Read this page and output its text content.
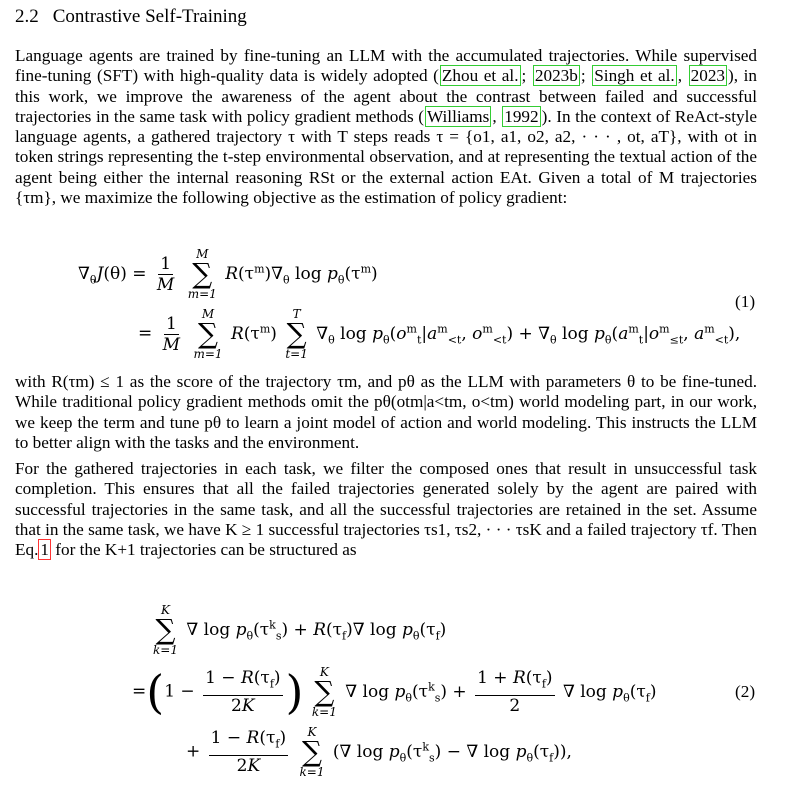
2.2 Contrastive Self-Training

Language agents are trained by fine-tuning an LLM with the accumulated trajectories. While supervised fine-tuning (SFT) with high-quality data is widely adopted ( Zhou et al. ; 2023b ; Singh et al. , 2023 ), in this work, we improve the awareness of the agent about the contrast between failed and successful trajectories in the same task with policy gradient methods ( Williams , 1992 ). In the context of ReAct-style language agents, a gathered trajectory τ with T steps reads τ = {o1, a1, o2, a2, · · · , ot, aT}, with ot in token strings representing the t-step environmental observation, and at representing the textual action of the agent being either the internal reasoning RSt or the external action EAt. Given a total of M trajectories {τm}, we maximize the following objective as the estimation of policy gradient:

$\nabla_\theta J(\theta) = \frac{1}{M}$
M
∑
m=1
$R(\tau^m)\nabla_\theta$ $\log p_\theta(\tau^m)$
= $\frac{1}{M}$
M
∑
m=1
$R(\tau^m)$
T
∑
t=1
$\nabla_\theta$ $\log p_\theta(o^m_t|a^m_{<t}$, $o^m_{<t}) + \nabla_\theta$ $\log p_\theta(a^m_t|o^m_{\le t}$, $a^m_{<t}$),
(1)

with R(τm) ≤ 1 as the score of the trajectory τm, and pθ as the LLM with parameters θ to be fine-tuned. While traditional policy gradient methods omit the pθ(otm|a<tm, o<tm) world modeling part, in our work, we keep the term and tune pθ to learn a joint model of action and world modeling. This instructs the LLM to better align with the tasks and the environment.

For the gathered trajectories in each task, we filter the composed ones that result in unsuccessful task completion. This ensures that all the failed trajectories generated solely by the agent are paired with successful trajectories in the same task, and all the successful trajectories are retained in the set. Assume that in the same task, we have K ≥ 1 successful trajectories τs1, τs2, · · · τsK and a failed trajectory τf. Then Eq. 1 for the K+1 trajectories can be structured as

K
∑
k=1
∇ $\log p_\theta(\tau^k_s) + R(\tau_f)\nabla$ $\log p_\theta(\tau_f)$
$=(1 - \frac{1 - R(\tau_f)}{2K}$ ) K
∑
k=1
∇ $\log p_\theta(\tau^k_s) + \frac{1 + R(\tau_f)}{2}$ ∇ $\log p_\theta(\tau_f)$
+ $\frac{1 - R(\tau_f)}{2K}$
K
∑
k=1
(∇ $\log p_\theta(\tau^k_s)$ − ∇ $\log p_\theta(\tau_f)$),
(2)
